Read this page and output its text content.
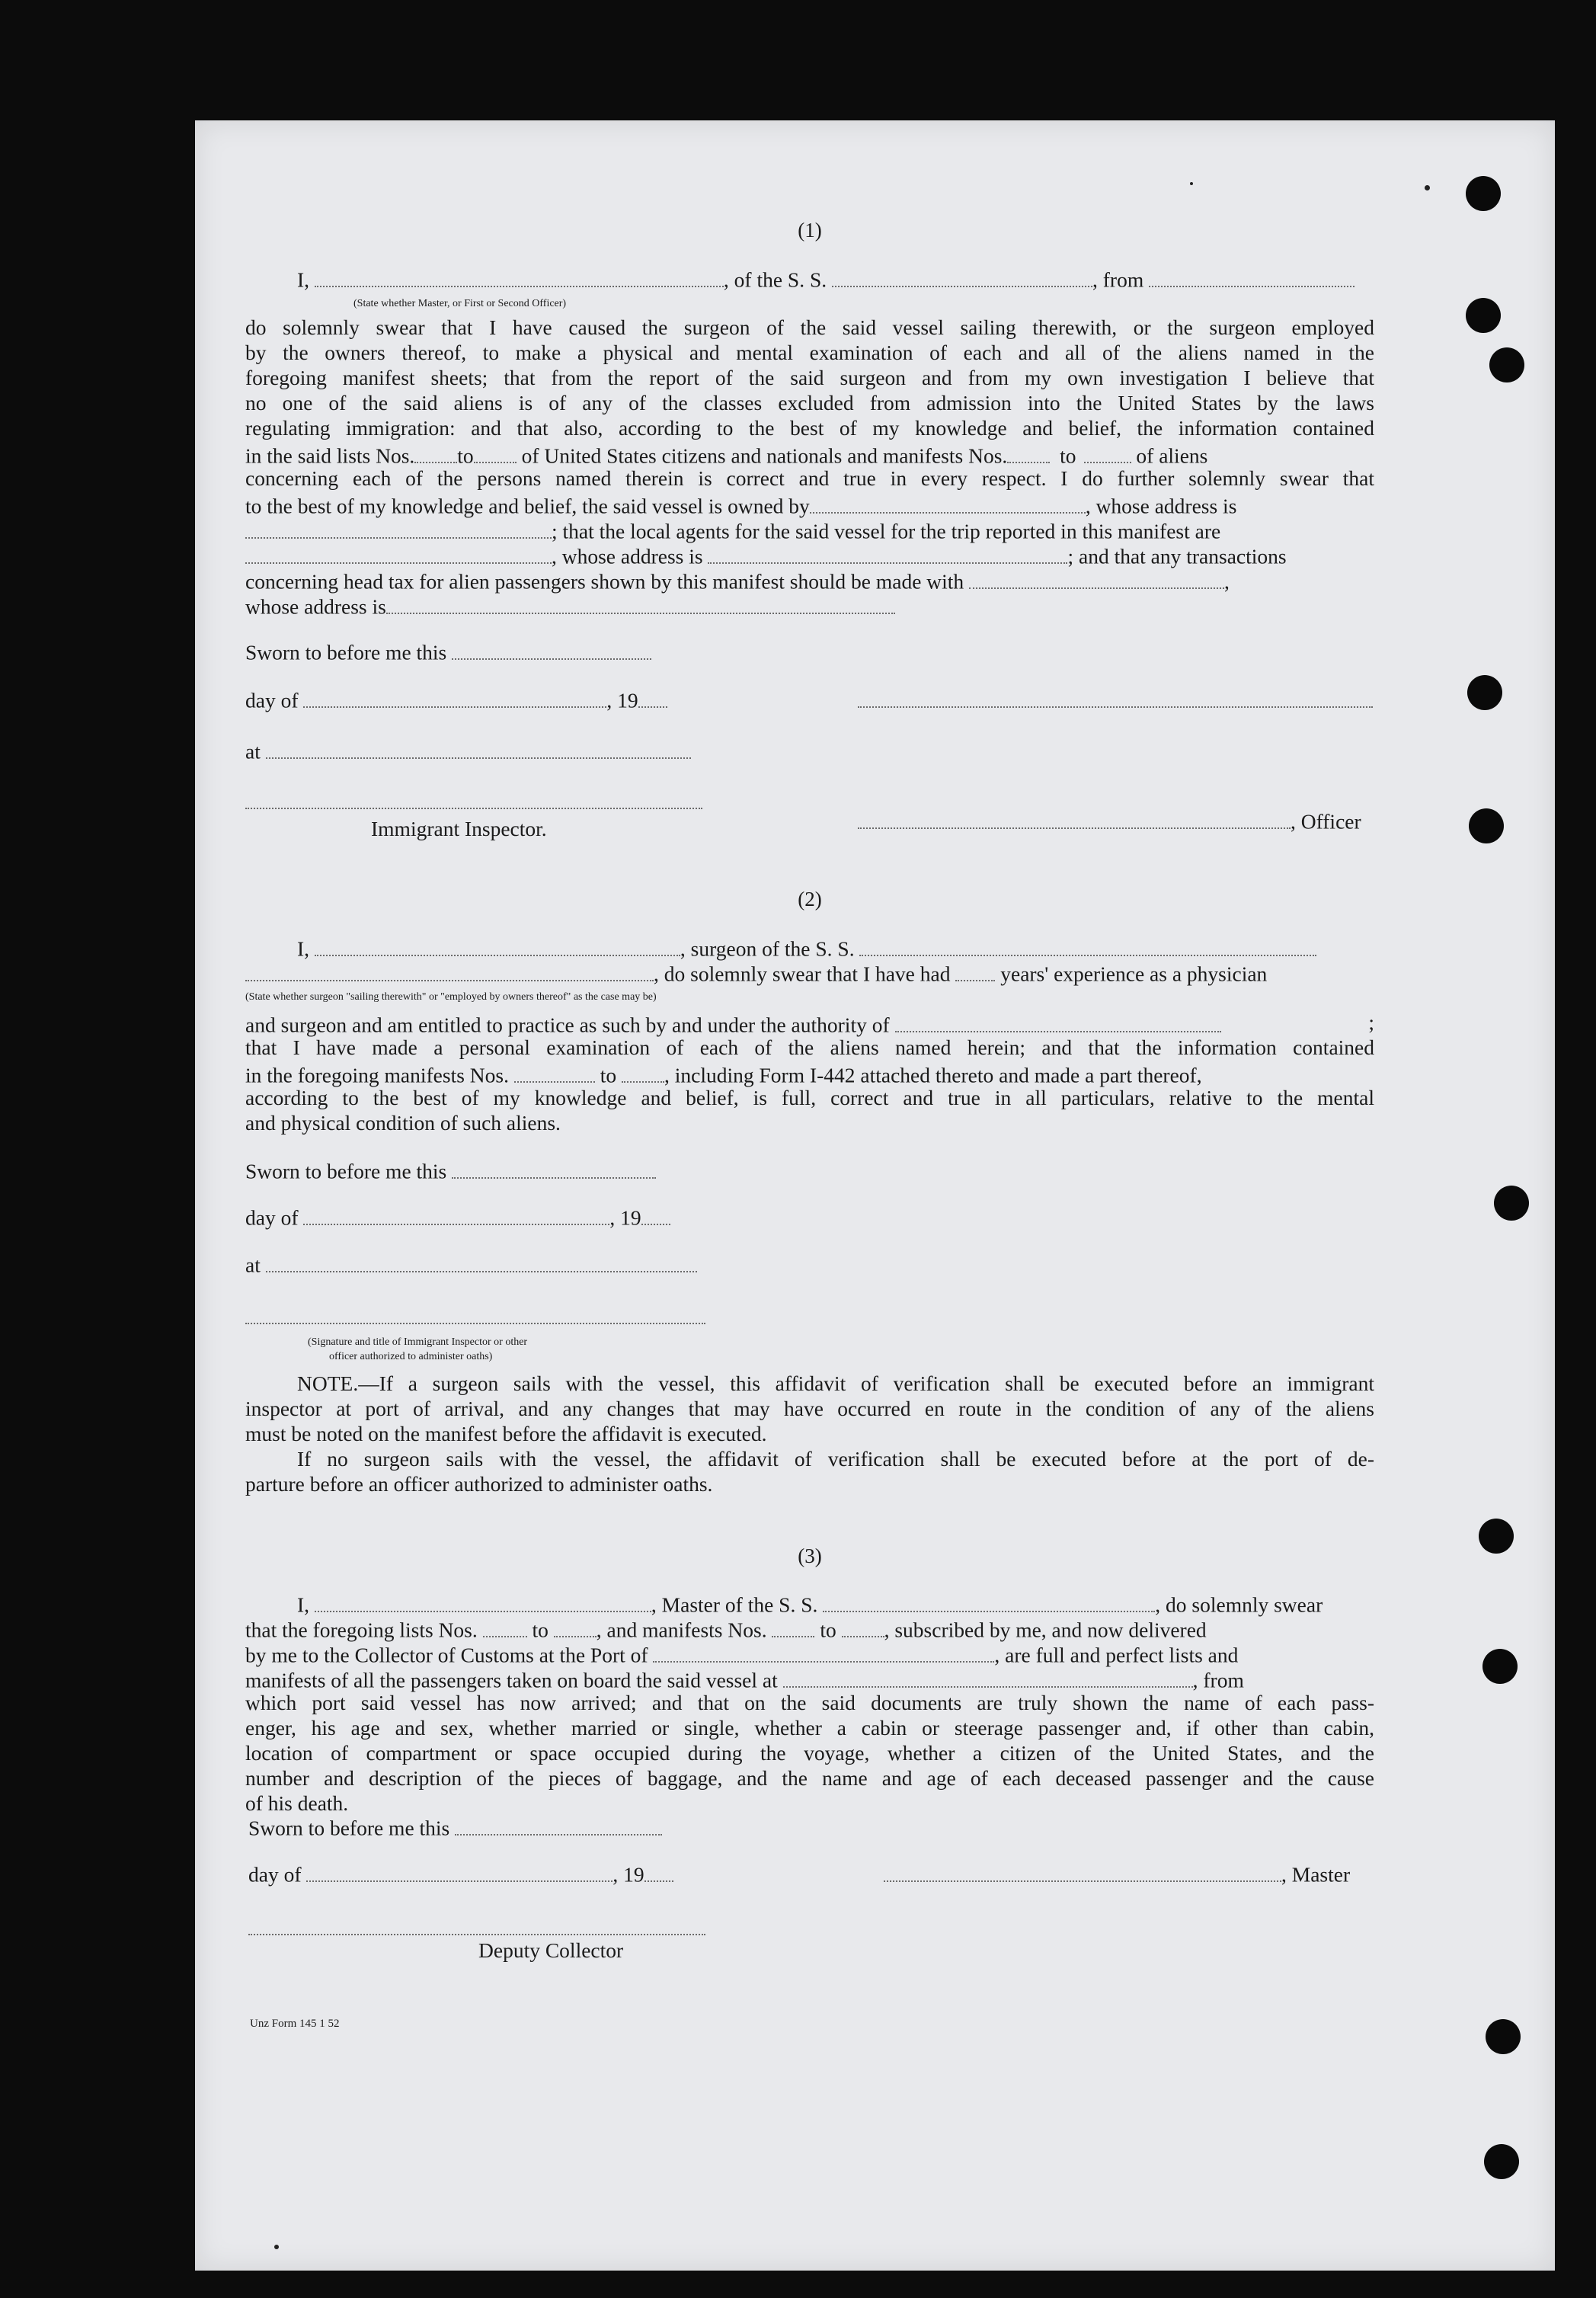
(1)
I,	, of the S. S.	, from
(State whether Master, or First or Second Officer)
do solemnly swear that I have caused the surgeon of the said vessel sailing therewith, or the surgeon employed
by the owners thereof, to make a physical and mental examination of each and all of the aliens named in the
foregoing manifest sheets; that from the report of the said surgeon and from my own investigation I believe that
no one of the said aliens is of any of the classes excluded from admission into the United States by the laws
regulating immigration: and that also, according to the best of my knowledge and belief, the information contained
in the said lists Nos. to of United States citizens and nationals and manifests Nos.	to	of aliens
concerning each of the persons named therein is correct and true in every respect. I do further solemnly swear that
to the best of my knowledge and belief, the said vessel is owned by	, whose address is
; that the local agents for the said vessel for the trip reported in this manifest are
, whose address is	; and that any transactions
concerning head tax for alien passengers shown by this manifest should be made with	,
whose address is
Sworn to before me this
day of	, 19
at
Immigrant Inspector.	, Officer
(2)
I,	, surgeon of the S. S.
, do solemnly swear that I have had years' experience as a physician
(State whether surgeon "sailing therewith" or "employed by owners thereof" as the case may be)
and surgeon and am entitled to practice as such by and under the authority of	;
that I have made a personal examination of each of the aliens named herein; and that the information contained
in the foregoing manifests Nos.	to , including Form I-442 attached thereto and made a part thereof,
according to the best of my knowledge and belief, is full, correct and true in all particulars, relative to the mental
and physical condition of such aliens.
Sworn to before me this
day of	, 19
at
(Signature and title of Immigrant Inspector or other
officer authorized to administer oaths)
NOTE.—If a surgeon sails with the vessel, this affidavit of verification shall be executed before an immigrant
inspector at port of arrival, and any changes that may have occurred en route in the condition of any of the aliens
must be noted on the manifest before the affidavit is executed.
If no surgeon sails with the vessel, the affidavit of verification shall be executed before at the port of de-
parture before an officer authorized to administer oaths.
(3)
I,	, Master of the S. S.	, do solemnly swear
that the foregoing lists Nos.	to , and manifests Nos.	to , subscribed by me, and now delivered
by me to the Collector of Customs at the Port of	, are full and perfect lists and
manifests of all the passengers taken on board the said vessel at	, from
which port said vessel has now arrived; and that on the said documents are truly shown the name of each pass-
enger, his age and sex, whether married or single, whether a cabin or steerage passenger and, if other than cabin,
location of compartment or space occupied during the voyage, whether a citizen of the United States, and the
number and description of the pieces of baggage, and the name and age of each deceased passenger and the cause
of his death.
Sworn to before me this
day of	, 19	, Master
Deputy Collector
Unz Form 145 1 52
